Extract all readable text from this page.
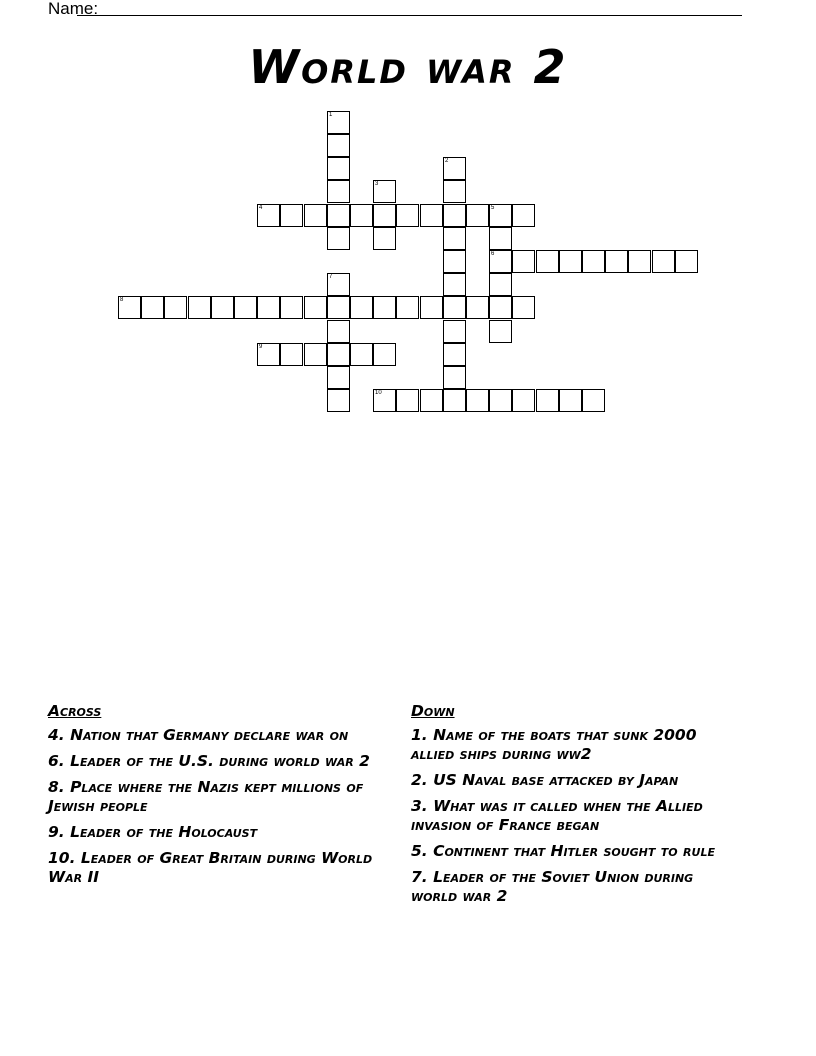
Name:
World war 2
1
2
3
4	5
6
7
8
9
10
Across
4. Nation that Germany declare war on
6. Leader of the U.S. during world war 2
8. Place where the Nazis kept millions of Jewish people
9. Leader of the Holocaust
10. Leader of Great Britain during World War II
Down
1. Name of the boats that sunk 2000 allied ships during ww2
2. US Naval base attacked by Japan
3. What was it called when the Allied invasion of France began
5. Continent that Hitler sought to rule
7. Leader of the Soviet Union during world war 2
